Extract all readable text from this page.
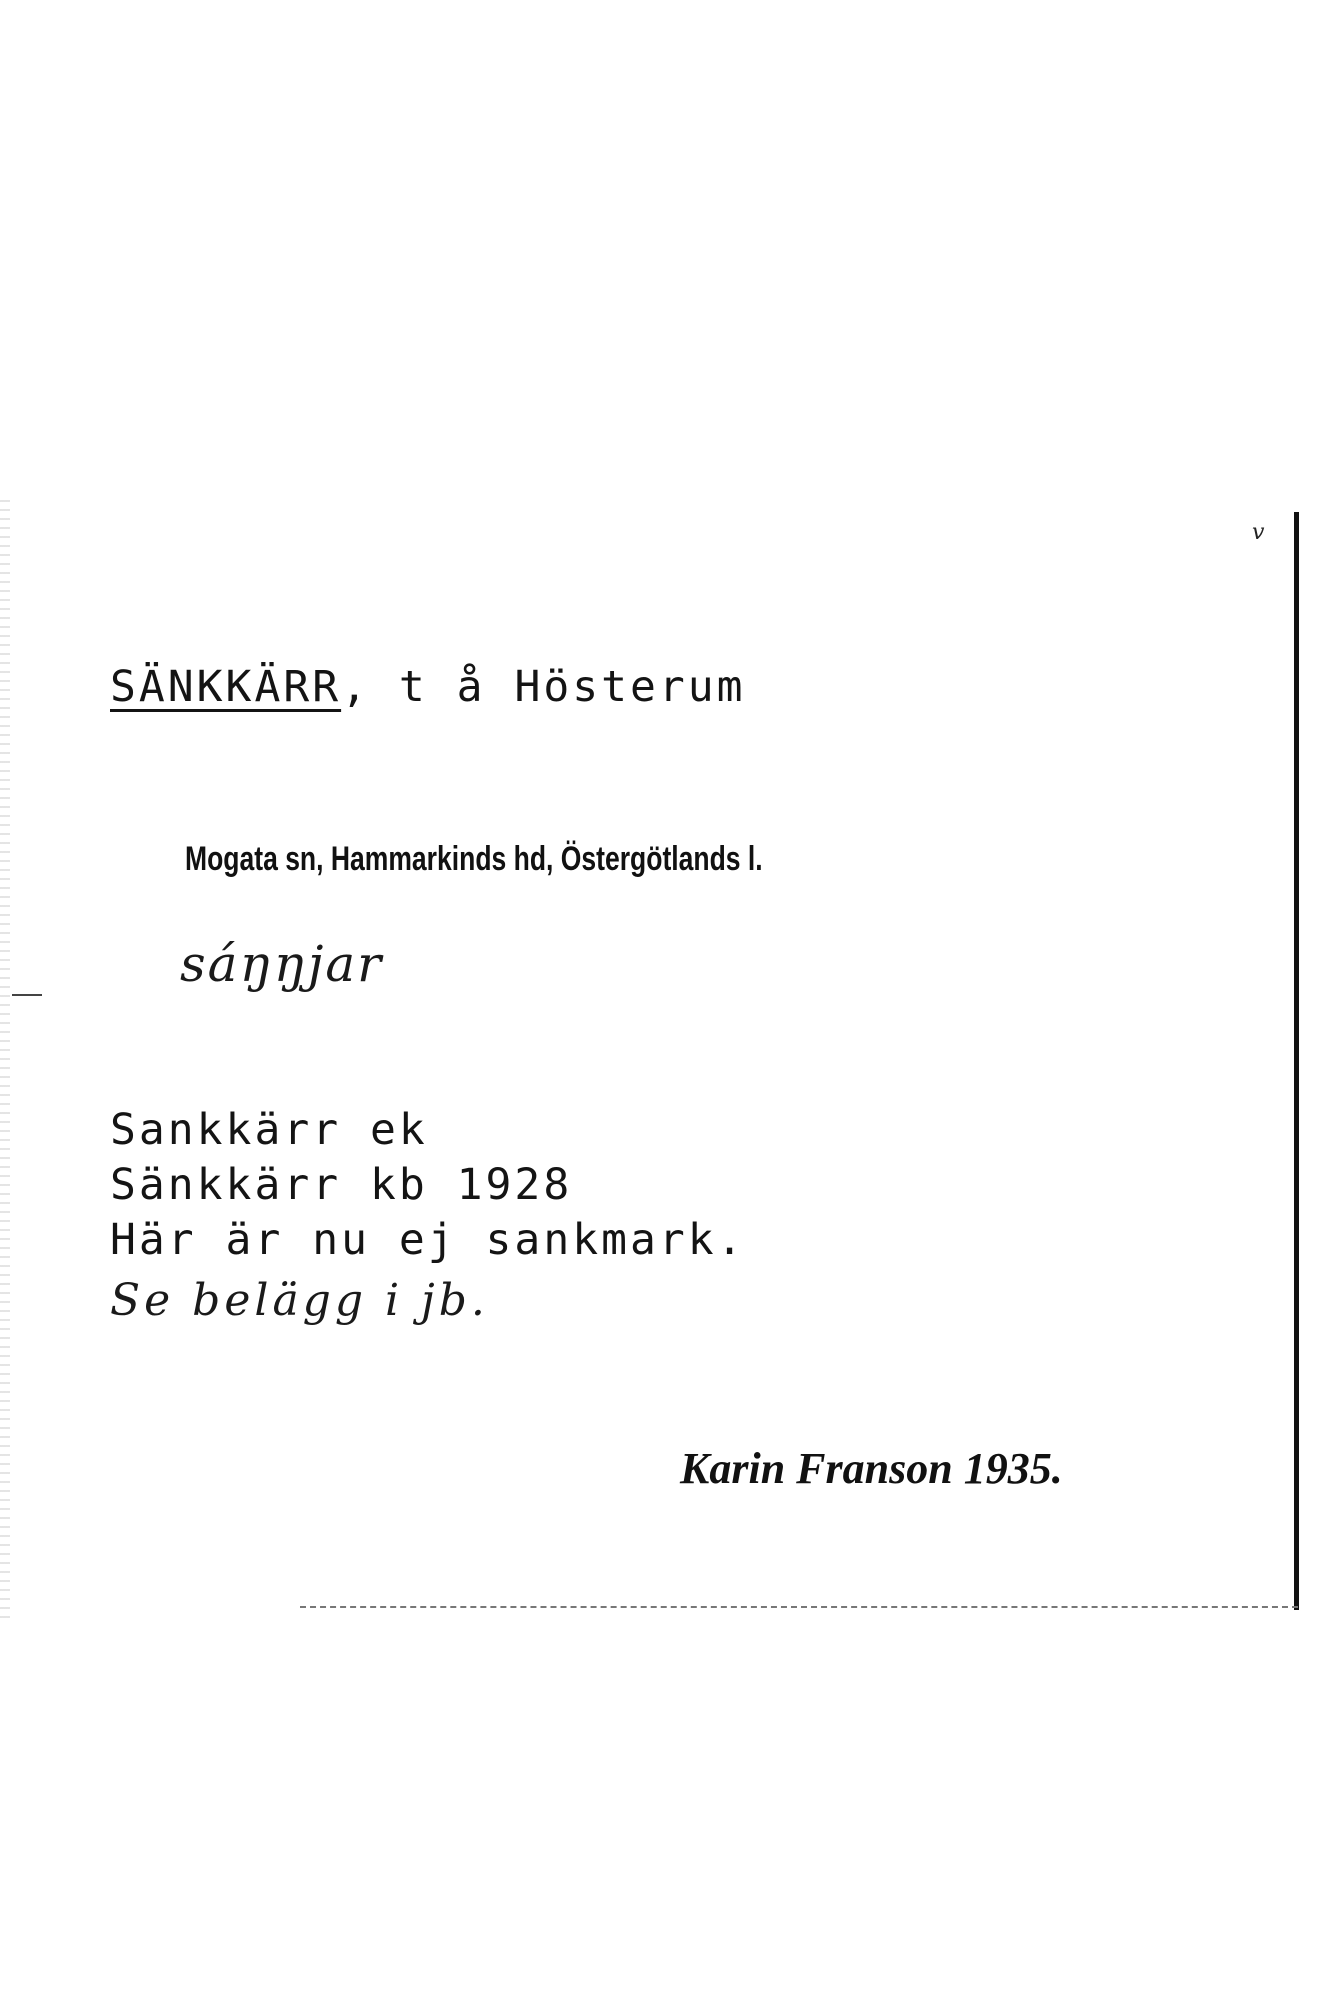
v
SÄNKKÄRR, t å Hösterum
Mogata sn, Hammarkinds hd, Östergötlands l.
sáŋŋjar
Sankkärr ek
Sänkkärr kb 1928
Här är nu ej sankmark.
Se belägg i jb.
Karin Franson 1935.
